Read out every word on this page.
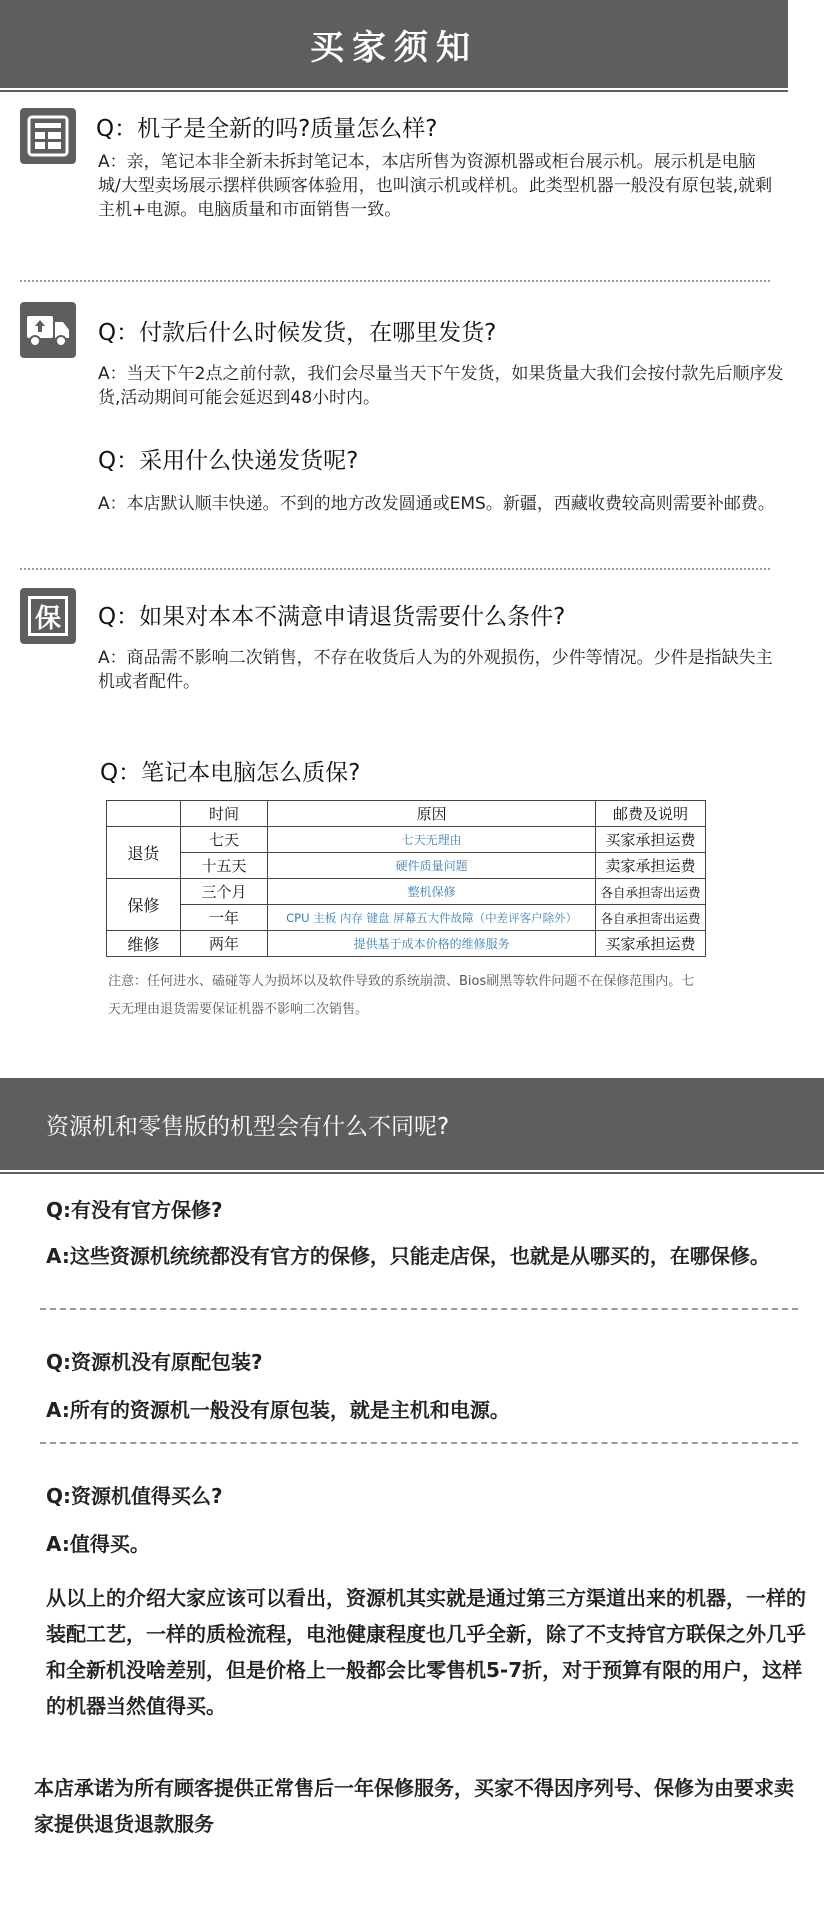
买家须知
Q：机子是全新的吗?质量怎么样?
A：亲，笔记本非全新未拆封笔记本，本店所售为资源机器或柜台展示机。展示机是电脑城/大型卖场展示摆样供顾客体验用，也叫演示机或样机。此类型机器一般没有原包装,就剩主机+电源。电脑质量和市面销售一致。
Q：付款后什么时候发货，在哪里发货?
A：当天下午2点之前付款，我们会尽量当天下午发货，如果货量大我们会按付款先后顺序发货,活动期间可能会延迟到48小时内。
Q：采用什么快递发货呢?
A：本店默认顺丰快递。不到的地方改发圆通或EMS。新疆，西藏收费较高则需要补邮费。
保	Q：如果对本本不满意申请退货需要什么条件?
A：商品需不影响二次销售，不存在收货后人为的外观损伤，少件等情况。少件是指缺失主机或者配件。
Q：笔记本电脑怎么质保?
	时间	原因	邮费及说明
退货	七天	七天无理由	买家承担运费
	十五天	硬件质量问题	卖家承担运费
保修	三个月	整机保修	各自承担寄出运费
	一年	CPU 主板 内存 键盘 屏幕五大件故障（中差评客户除外）	各自承担寄出运费
维修	两年	提供基于成本价格的维修服务	买家承担运费
注意：任何进水、磕碰等人为损坏以及软件导致的系统崩溃、Bios刷黑等软件问题不在保修范围内。七天无理由退货需要保证机器不影响二次销售。
资源机和零售版的机型会有什么不同呢?
Q:有没有官方保修?
A:这些资源机统统都没有官方的保修，只能走店保，也就是从哪买的，在哪保修。
Q:资源机没有原配包装?
A:所有的资源机一般没有原包装，就是主机和电源。
Q:资源机值得买么?
A:值得买。
从以上的介绍大家应该可以看出，资源机其实就是通过第三方渠道出来的机器，一样的装配工艺，一样的质检流程，电池健康程度也几乎全新，除了不支持官方联保之外几乎和全新机没啥差别，但是价格上一般都会比零售机5-7折，对于预算有限的用户，这样的机器当然值得买。
本店承诺为所有顾客提供正常售后一年保修服务，买家不得因序列号、保修为由要求卖家提供退货退款服务
